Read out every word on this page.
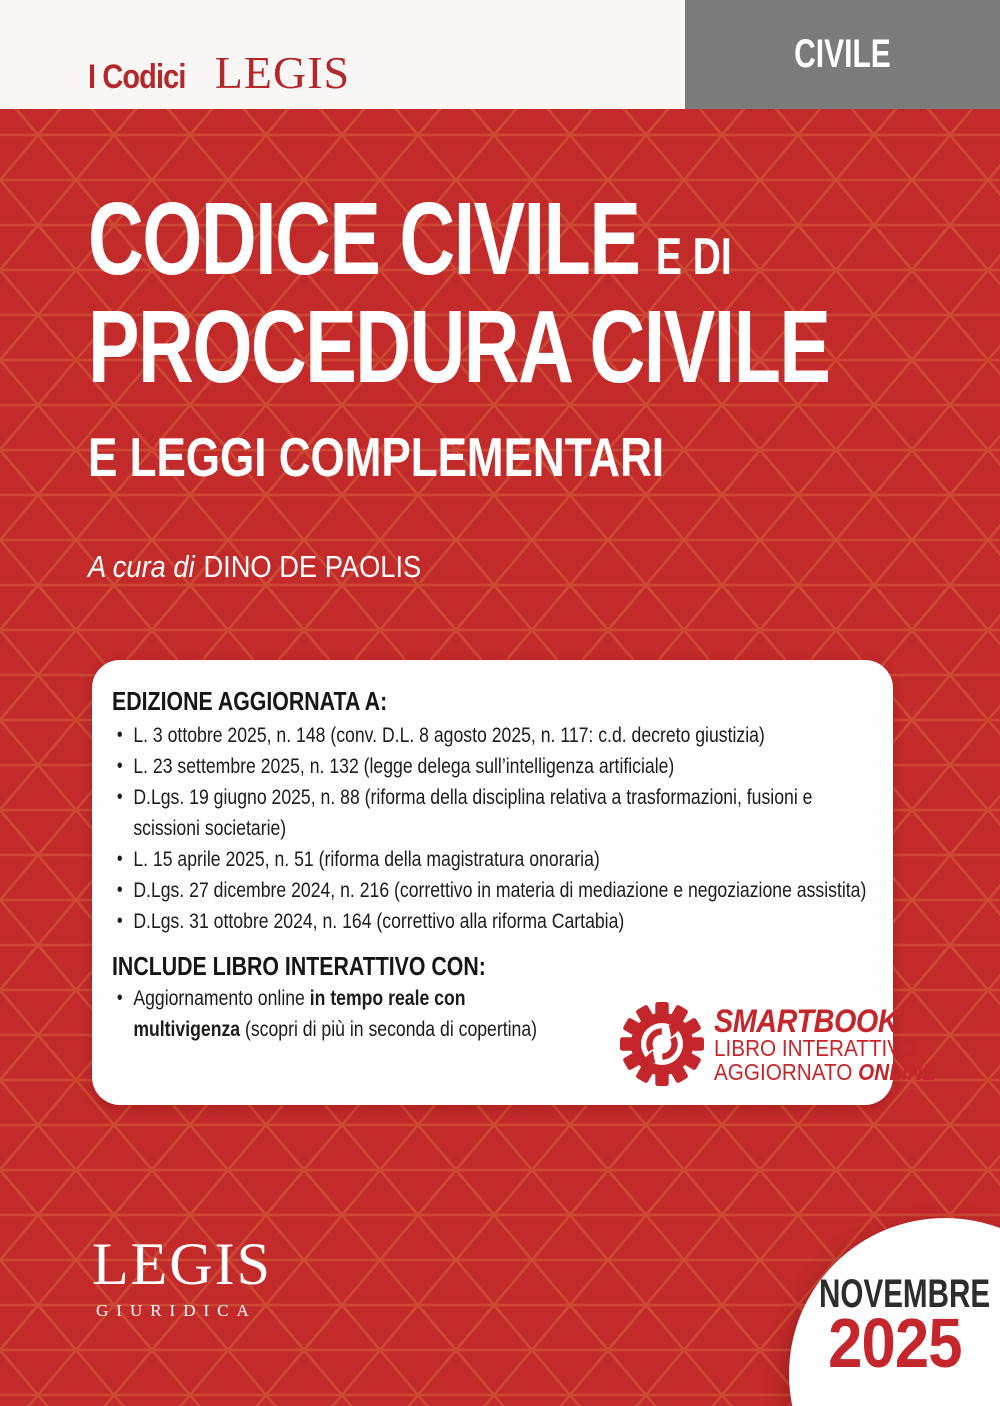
I Codici LEGIS	CIVILE
CODICE CIVILE E DI
PROCEDURA CIVILE
E LEGGI COMPLEMENTARI
A cura di DINO DE PAOLIS
EDIZIONE AGGIORNATA A:
• L. 3 ottobre 2025, n. 148 (conv. D.L. 8 agosto 2025, n. 117: c.d. decreto giustizia)
• L. 23 settembre 2025, n. 132 (legge delega sull’intelligenza artificiale)
• D.Lgs. 19 giugno 2025, n. 88 (riforma della disciplina relativa a trasformazioni, fusioni e scissioni societarie)
• L. 15 aprile 2025, n. 51 (riforma della magistratura onoraria)
• D.Lgs. 27 dicembre 2024, n. 216 (correttivo in materia di mediazione e negoziazione assistita)
• D.Lgs. 31 ottobre 2024, n. 164 (correttivo alla riforma Cartabia)
INCLUDE LIBRO INTERATTIVO CON:
• Aggiornamento online in tempo reale con
multivigenza (scopri di più in seconda di copertina)	SMARTBOOK
LIBRO INTERATTIVO
AGGIORNATO ONLINE
LEGIS
GIURIDICA	NOVEMBRE
2025
